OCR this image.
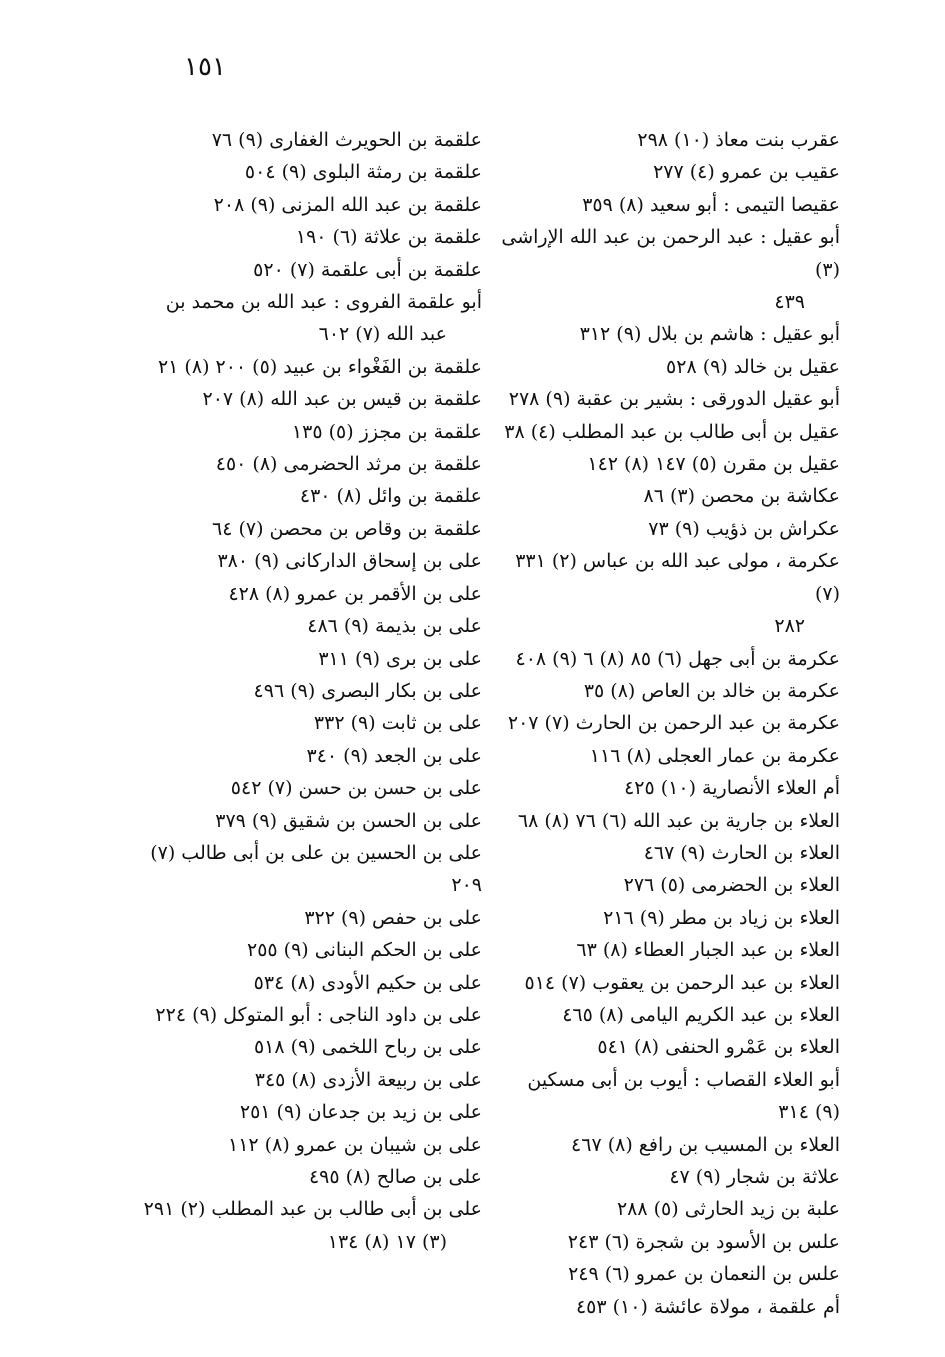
١٥١
عقرب بنت معاذ (١٠) ٢٩٨
عقيب بن عمرو (٤) ٢٧٧
عقيصا التيمى : أبو سعيد (٨) ٣٥٩
أبو عقيل : عبد الرحمن بن عبد الله الإراشى (٣)
٤٣٩
أبو عقيل : هاشم بن بلال (٩) ٣١٢
عقيل بن خالد (٩) ٥٢٨
أبو عقيل الدورقى : بشير بن عقبة (٩) ٢٧٨
عقيل بن أبى طالب بن عبد المطلب (٤) ٣٨
عقيل بن مقرن (٥) ١٤٧ (٨) ١٤٢
عكاشة بن محصن (٣) ٨٦
عكراش بن ذؤيب (٩) ٧٣
عكرمة ، مولى عبد الله بن عباس (٢) ٣٣١ (٧)
٢٨٢
عكرمة بن أبى جهل (٦) ٨٥ (٨) ٦ (٩) ٤٠٨
عكرمة بن خالد بن العاص (٨) ٣٥
عكرمة بن عبد الرحمن بن الحارث (٧) ٢٠٧
عكرمة بن عمار العجلى (٨) ١١٦
أم العلاء الأنصارية (١٠) ٤٢٥
العلاء بن جارية بن عبد الله (٦) ٧٦ (٨) ٦٨
العلاء بن الحارث (٩) ٤٦٧
العلاء بن الحضرمى (٥) ٢٧٦
العلاء بن زياد بن مطر (٩) ٢١٦
العلاء بن عبد الجبار العطاء (٨) ٦٣
العلاء بن عبد الرحمن بن يعقوب (٧) ٥١٤
العلاء بن عبد الكريم اليامى (٨) ٤٦٥
العلاء بن عَمْرو الحنفى (٨) ٥٤١
أبو العلاء القصاب : أيوب بن أبى مسكين (٩) ٣١٤
العلاء بن المسيب بن رافع (٨) ٤٦٧
علاثة بن شجار (٩) ٤٧
علبة بن زيد الحارثى (٥) ٢٨٨
علس بن الأسود بن شجرة (٦) ٢٤٣
علس بن النعمان بن عمرو (٦) ٢٤٩
أم علقمة ، مولاة عائشة (١٠) ٤٥٣
علقمة بن الحويرث الغفارى (٩) ٧٦
علقمة بن رمثة البلوى (٩) ٥٠٤
علقمة بن عبد الله المزنى (٩) ٢٠٨
علقمة بن علاثة (٦) ١٩٠
علقمة بن أبى علقمة (٧) ٥٢٠
أبو علقمة الفروى : عبد الله بن محمد بن
عبد الله (٧) ٦٠٢
علقمة بن الفَغْواء بن عبيد (٥) ٢٠٠ (٨) ٢١
علقمة بن قيس بن عبد الله (٨) ٢٠٧
علقمة بن مجزز (٥) ١٣٥
علقمة بن مرثد الحضرمى (٨) ٤٥٠
علقمة بن وائل (٨) ٤٣٠
علقمة بن وقاص بن محصن (٧) ٦٤
على بن إسحاق الداركانى (٩) ٣٨٠
على بن الأقمر بن عمرو (٨) ٤٢٨
على بن بذيمة (٩) ٤٨٦
على بن برى (٩) ٣١١
على بن بكار البصرى (٩) ٤٩٦
على بن ثابت (٩) ٣٣٢
على بن الجعد (٩) ٣٤٠
على بن حسن بن حسن (٧) ٥٤٢
على بن الحسن بن شقيق (٩) ٣٧٩
على بن الحسين بن على بن أبى طالب (٧) ٢٠٩
على بن حفص (٩) ٣٢٢
على بن الحكم البنانى (٩) ٢٥٥
على بن حكيم الأودى (٨) ٥٣٤
على بن داود الناجى : أبو المتوكل (٩) ٢٢٤
على بن رباح اللخمى (٩) ٥١٨
على بن ربيعة الأزدى (٨) ٣٤٥
على بن زيد بن جدعان (٩) ٢٥١
على بن شيبان بن عمرو (٨) ١١٢
على بن صالح (٨) ٤٩٥
على بن أبى طالب بن عبد المطلب (٢) ٢٩١
(٣) ١٧ (٨) ١٣٤
